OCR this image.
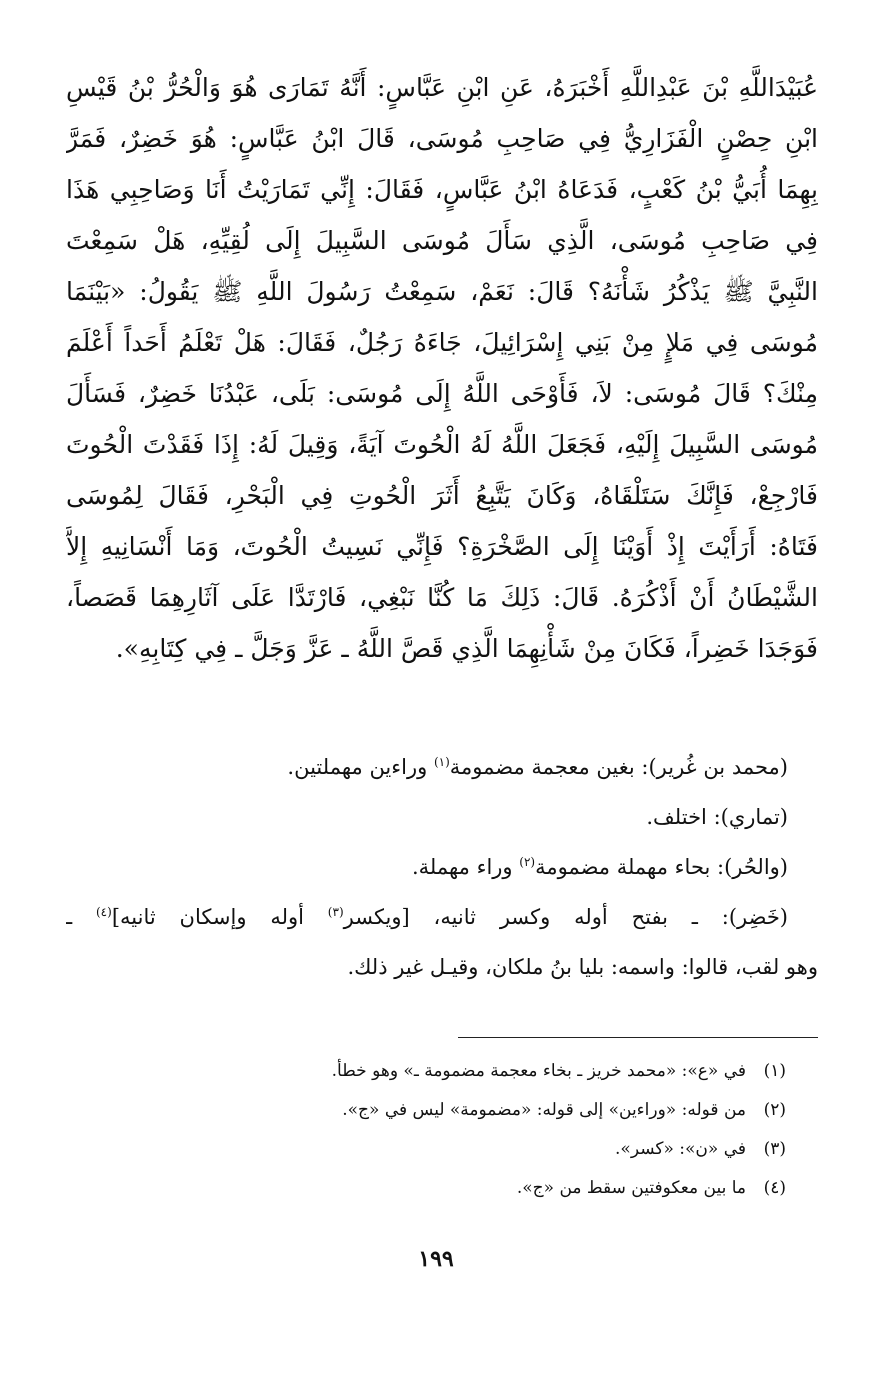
عُبَيْدَاللَّهِ بْنَ عَبْدِاللَّهِ أَخْبَرَهُ، عَنِ ابْنِ عَبَّاسٍ: أَنَّهُ تَمَارَى هُوَ وَالْحُرُّ بْنُ قَيْسِ
ابْنِ حِصْنٍ الْفَزَارِيُّ فِي صَاحِبِ مُوسَى، قَالَ ابْنُ عَبَّاسٍ: هُوَ خَضِرٌ، فَمَرَّ
بِهِمَا أُبَيُّ بْنُ كَعْبٍ، فَدَعَاهُ ابْنُ عَبَّاسٍ، فَقَالَ: إِنِّي تَمَارَيْتُ أَنَا وَصَاحِبِي هَذَا
فِي صَاحِبِ مُوسَى، الَّذِي سَأَلَ مُوسَى السَّبِيلَ إِلَى لُقِيِّهِ، هَلْ سَمِعْتَ
النَّبِيَّ ﷺ يَذْكُرُ شَأْنَهُ؟ قَالَ: نَعَمْ، سَمِعْتُ رَسُولَ اللَّهِ ﷺ يَقُولُ: «بَيْنَمَا
مُوسَى فِي مَلإٍ مِنْ بَنِي إِسْرَائِيلَ، جَاءَهُ رَجُلٌ، فَقَالَ: هَلْ تَعْلَمُ أَحَداً أَعْلَمَ
مِنْكَ؟ قَالَ مُوسَى: لاَ، فَأَوْحَى اللَّهُ إِلَى مُوسَى: بَلَى، عَبْدُنَا خَضِرٌ، فَسَأَلَ
مُوسَى السَّبِيلَ إِلَيْهِ، فَجَعَلَ اللَّهُ لَهُ الْحُوتَ آيَةً، وَقِيلَ لَهُ: إِذَا فَقَدْتَ الْحُوتَ
فَارْجِعْ، فَإِنَّكَ سَتَلْقَاهُ، وَكَانَ يَتَّبِعُ أَثَرَ الْحُوتِ فِي الْبَحْرِ، فَقَالَ لِمُوسَى
فَتَاهُ: أَرَأَيْتَ إِذْ أَوَيْنَا إِلَى الصَّخْرَةِ؟ فَإِنِّي نَسِيتُ الْحُوتَ، وَمَا أَنْسَانِيهِ إِلاَّ
الشَّيْطَانُ أَنْ أَذْكُرَهُ. قَالَ: ذَلِكَ مَا كُنَّا نَبْغِي، فَارْتَدَّا عَلَى آثَارِهِمَا قَصَصاً،
فَوَجَدَا خَضِراً، فَكَانَ مِنْ شَأْنِهِمَا الَّذِي قَصَّ اللَّهُ ـ عَزَّ وَجَلَّ ـ فِي كِتَابِهِ».
(محمد بن غُرير): بغين معجمة مضمومة$^{(١)}$ وراءين مهملتين.
(تماري): اختلف.
(والحُر): بحاء مهملة مضمومة$^{(٢)}$ وراء مهملة.
(خَضِر): ـ بفتح أوله وكسر ثانيه، [ويكسر$^{(٣)}$ أوله وإسكان ثانيه]$^{(٤)}$ ـ
وهو لقب، قالوا: واسمه: بليا بنُ ملكان، وقيـل غير ذلك.
(١)في «ع»: «محمد خريز ـ بخاء معجمة مضمومة ـ» وهو خطأ.
(٢)من قوله: «وراءين» إلى قوله: «مضمومة» ليس في «ج».
(٣)في «ن»: «كسر».
(٤)ما بين معكوفتين سقط من «ج».
١٩٩
